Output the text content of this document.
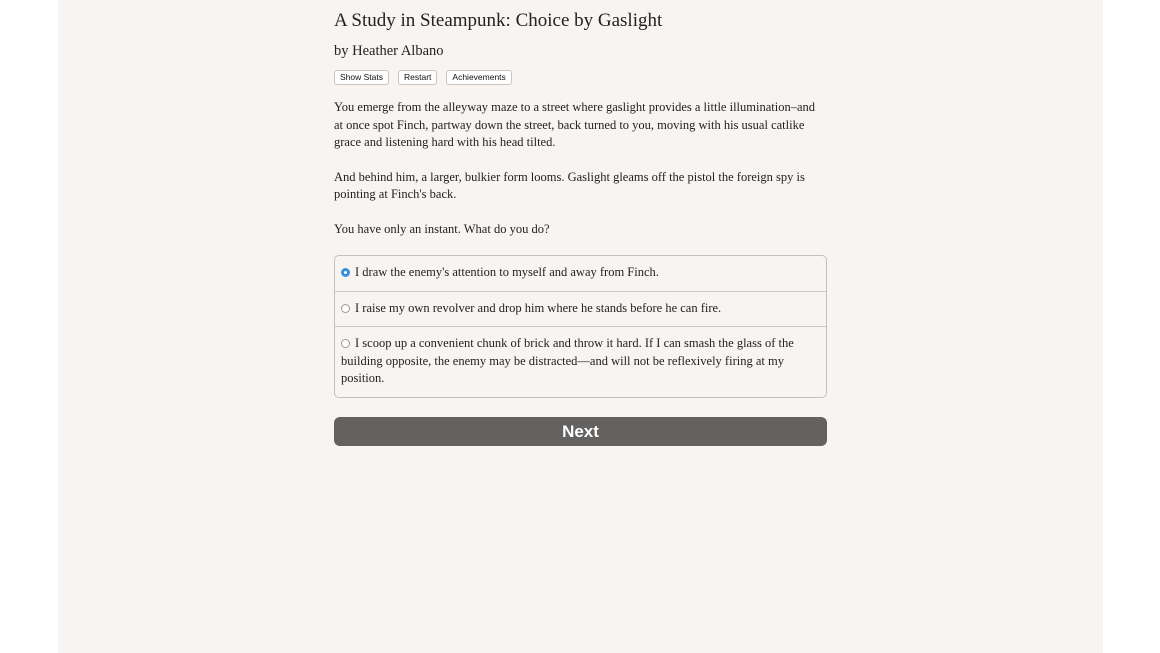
A Study in Steampunk: Choice by Gaslight
by Heather Albano
Show Stats	Restart	Achievements

You emerge from the alleyway maze to a street where gaslight provides a little illumination–and at once spot Finch, partway down the street, back turned to you, moving with his usual catlike grace and listening hard with his head tilted.

And behind him, a larger, bulkier form looms. Gaslight gleams off the pistol the foreign spy is pointing at Finch's back.

You have only an instant. What do you do?

I draw the enemy's attention to myself and away from Finch.
I raise my own revolver and drop him where he stands before he can fire.
I scoop up a convenient chunk of brick and throw it hard. If I can smash the glass of the building opposite, the enemy may be distracted—and will not be reflexively firing at my position.
Next
